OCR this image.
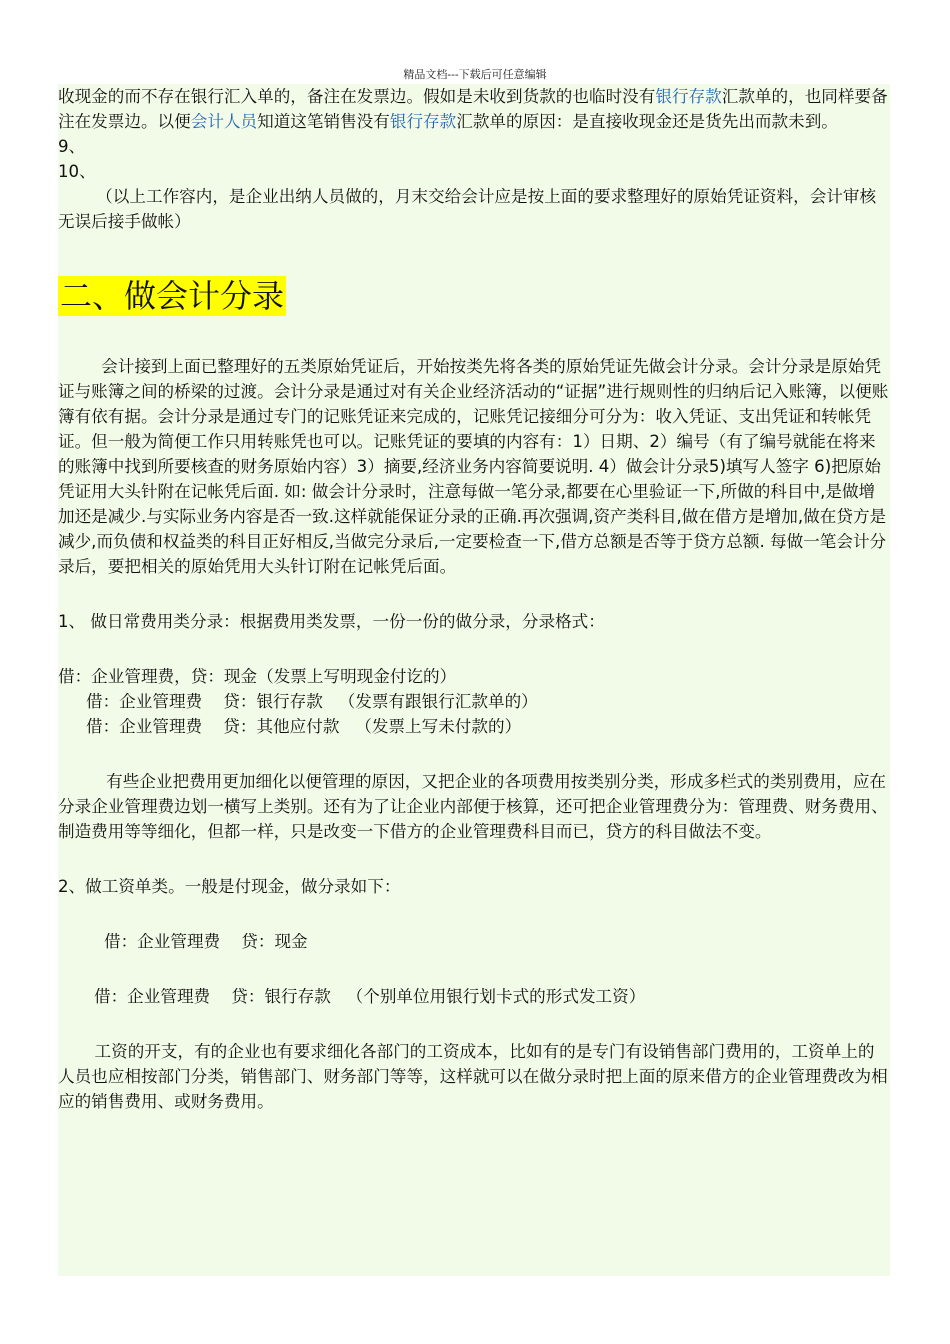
精品文档---下载后可任意编辑

收现金的而不存在银行汇入单的，备注在发票边。假如是未收到货款的也临时没有银行存款汇款单的，也同样要备注在发票边。以便会计人员知道这笔销售没有银行存款汇款单的原因：是直接收现金还是货先出而款未到。

9、

10、

（以上工作容内，是企业出纳人员做的，月末交给会计应是按上面的要求整理好的原始凭证资料，会计审核无误后接手做帐）

二、做会计分录

会计接到上面已整理好的五类原始凭证后，开始按类先将各类的原始凭证先做会计分录。会计分录是原始凭证与账簿之间的桥梁的过渡。会计分录是通过对有关企业经济活动的“证据”进行规则性的归纳后记入账簿，以便账簿有依有据。会计分录是通过专门的记账凭证来完成的，记账凭记接细分可分为：收入凭证、支出凭证和转帐凭证。但一般为简便工作只用转账凭也可以。记账凭证的要填的内容有：1）日期、2）编号（有了编号就能在将来的账簿中找到所要核查的财务原始内容）3）摘要,经济业务内容简要说明. 4）做会计分录5)填写人签字 6)把原始凭证用大头针附在记帐凭后面. 如: 做会计分录时，注意每做一笔分录,都要在心里验证一下,所做的科目中,是做增加还是减少.与实际业务内容是否一致.这样就能保证分录的正确.再次强调,资产类科目,做在借方是增加,做在贷方是减少,而负债和权益类的科目正好相反,当做完分录后,一定要检查一下,借方总额是否等于贷方总额. 每做一笔会计分录后，要把相关的原始凭用大头针订附在记帐凭后面。

1、 做日常费用类分录：根据费用类发票，一份一份的做分录，分录格式：

借：企业管理费，贷：现金（发票上写明现金付讫的）

借：企业管理费    贷：银行存款   （发票有跟银行汇款单的）

借：企业管理费    贷：其他应付款   （发票上写未付款的）

有些企业把费用更加细化以便管理的原因，又把企业的各项费用按类别分类，形成多栏式的类别费用，应在分录企业管理费边划一横写上类别。还有为了让企业内部便于核算，还可把企业管理费分为：管理费、财务费用、制造费用等等细化，但都一样，只是改变一下借方的企业管理费科目而已，贷方的科目做法不变。

2、做工资单类。一般是付现金，做分录如下：

借：企业管理费    贷：现金

借：企业管理费    贷：银行存款   （个别单位用银行划卡式的形式发工资）

工资的开支，有的企业也有要求细化各部门的工资成本，比如有的是专门有设销售部门费用的，工资单上的人员也应相按部门分类，销售部门、财务部门等等，这样就可以在做分录时把上面的原来借方的企业管理费改为相应的销售费用、或财务费用。
